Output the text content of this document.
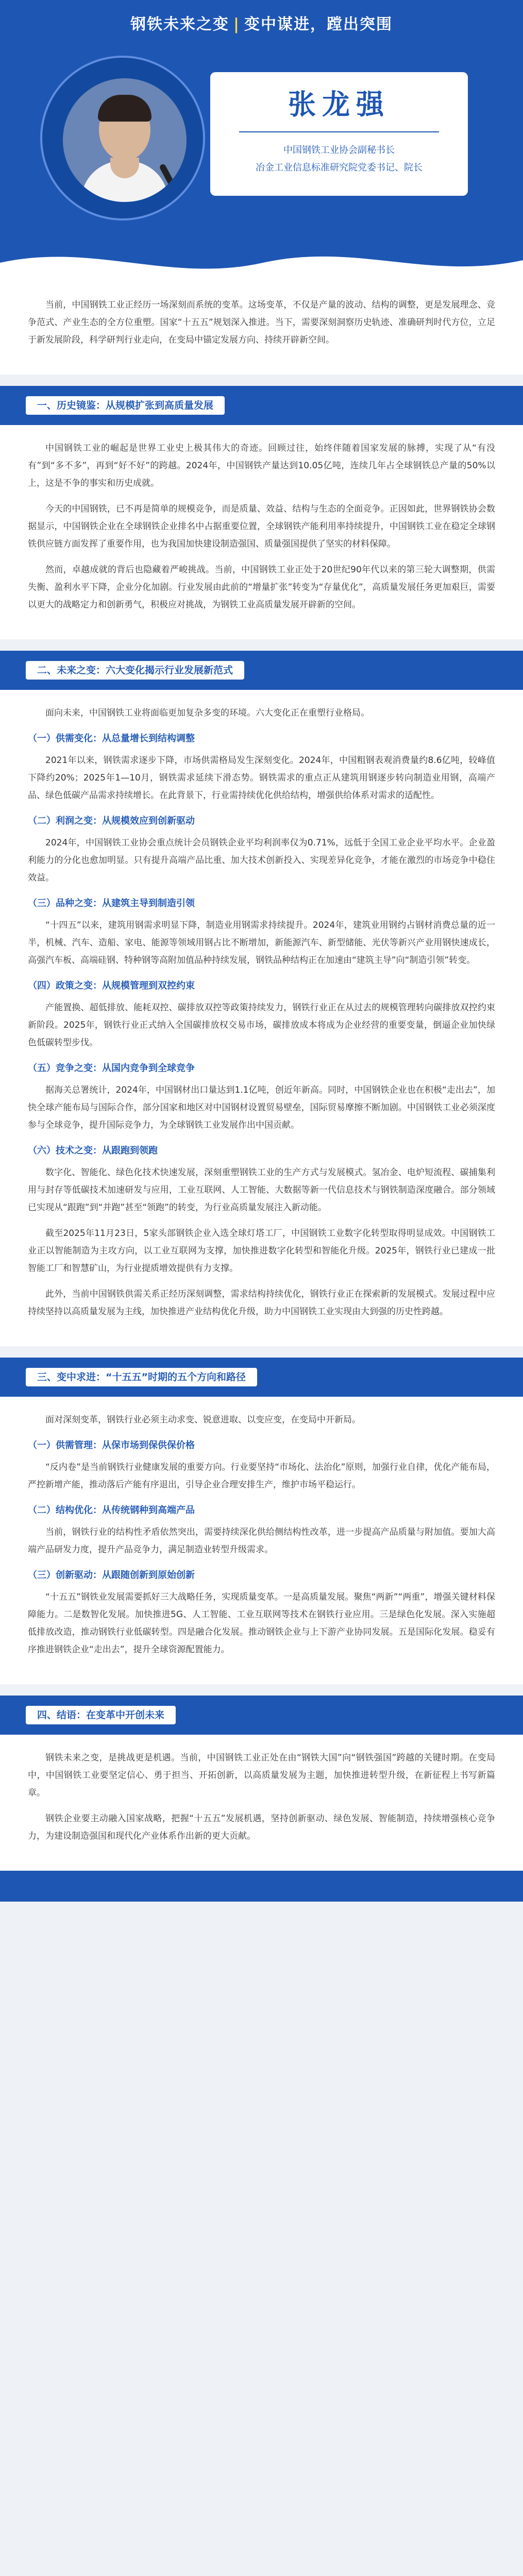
钢铁未来之变 | 变中谋进，蹚出突围
张龙强
中国钢铁工业协会副秘书长
冶金工业信息标准研究院党委书记、院长

当前，中国钢铁工业正经历一场深刻而系统的变革。这场变革，不仅是产量的波动、结构的调整，更是发展理念、竞争范式、产业生态的全方位重塑。国家“十五五”规划深入推进。当下，需要深刻洞察历史轨迹、准确研判时代方位，立足于新发展阶段，科学研判行业走向，在变局中锚定发展方向、持续开辟新空间。

一、历史镜鉴：从规模扩张到高质量发展

中国钢铁工业的崛起是世界工业史上极其伟大的奇迹。回顾过往，始终伴随着国家发展的脉搏，实现了从“有没有”到“多不多”，再到“好不好”的跨越。2024年，中国钢铁产量达到10.05亿吨，连续几年占全球钢铁总产量的50%以上，这是不争的事实和历史成就。

今天的中国钢铁，已不再是简单的规模竞争，而是质量、效益、结构与生态的全面竞争。正因如此，世界钢铁协会数据显示，中国钢铁企业在全球钢铁企业排名中占据重要位置，全球钢铁产能利用率持续提升，中国钢铁工业在稳定全球钢铁供应链方面发挥了重要作用，也为我国加快建设制造强国、质量强国提供了坚实的材料保障。

然而，卓越成就的背后也隐藏着严峻挑战。当前，中国钢铁工业正处于20世纪90年代以来的第三轮大调整期，供需失衡、盈利水平下降，企业分化加剧。行业发展由此前的“增量扩张”转变为“存量优化”，高质量发展任务更加艰巨，需要以更大的战略定力和创新勇气，积极应对挑战，为钢铁工业高质量发展开辟新的空间。

二、未来之变：六大变化揭示行业发展新范式

面向未来，中国钢铁工业将面临更加复杂多变的环境。六大变化正在重塑行业格局。

（一）供需变化：从总量增长到结构调整

2021年以来，钢铁需求逐步下降，市场供需格局发生深刻变化。2024年，中国粗钢表观消费量约8.6亿吨，较峰值下降约20%；2025年1—10月，钢铁需求延续下滑态势。钢铁需求的重点正从建筑用钢逐步转向制造业用钢，高端产品、绿色低碳产品需求持续增长。在此背景下，行业需持续优化供给结构，增强供给体系对需求的适配性。

（二）利润之变：从规模效应到创新驱动

2024年，中国钢铁工业协会重点统计会员钢铁企业平均利润率仅为0.71%，远低于全国工业企业平均水平。企业盈利能力的分化也愈加明显。只有提升高端产品比重、加大技术创新投入、实现差异化竞争，才能在激烈的市场竞争中稳住效益。

（三）品种之变：从建筑主导到制造引领

“十四五”以来，建筑用钢需求明显下降，制造业用钢需求持续提升。2024年，建筑业用钢约占钢材消费总量的近一半，机械、汽车、造船、家电、能源等领域用钢占比不断增加，新能源汽车、新型储能、光伏等新兴产业用钢快速成长，高强汽车板、高端硅钢、特种钢等高附加值品种持续发展，钢铁品种结构正在加速由“建筑主导”向“制造引领”转变。

（四）政策之变：从规模管理到双控约束

产能置换、超低排放、能耗双控、碳排放双控等政策持续发力，钢铁行业正在从过去的规模管理转向碳排放双控约束新阶段。2025年，钢铁行业正式纳入全国碳排放权交易市场，碳排放成本将成为企业经营的重要变量，倒逼企业加快绿色低碳转型步伐。

（五）竞争之变：从国内竞争到全球竞争

据海关总署统计，2024年，中国钢材出口量达到1.1亿吨，创近年新高。同时，中国钢铁企业也在积极“走出去”，加快全球产能布局与国际合作，部分国家和地区对中国钢材设置贸易壁垒，国际贸易摩擦不断加剧。中国钢铁工业必须深度参与全球竞争，提升国际竞争力，为全球钢铁工业发展作出中国贡献。

（六）技术之变：从跟跑到领跑

数字化、智能化、绿色化技术快速发展，深刻重塑钢铁工业的生产方式与发展模式。氢冶金、电炉短流程、碳捕集利用与封存等低碳技术加速研发与应用，工业互联网、人工智能、大数据等新一代信息技术与钢铁制造深度融合。部分领域已实现从“跟跑”到“并跑”甚至“领跑”的转变，为行业高质量发展注入新动能。

截至2025年11月23日，5家头部钢铁企业入选全球灯塔工厂，中国钢铁工业数字化转型取得明显成效。中国钢铁工业正以智能制造为主攻方向，以工业互联网为支撑，加快推进数字化转型和智能化升级。2025年，钢铁行业已建成一批智能工厂和智慧矿山，为行业提质增效提供有力支撑。

此外，当前中国钢铁供需关系正经历深刻调整，需求结构持续优化，钢铁行业正在探索新的发展模式。发展过程中应持续坚持以高质量发展为主线，加快推进产业结构优化升级，助力中国钢铁工业实现由大到强的历史性跨越。

三、变中求进：“十五五”时期的五个方向和路径

面对深刻变革，钢铁行业必须主动求变、锐意进取、以变应变，在变局中开新局。

（一）供需管理：从保市场到保供保价格

“反内卷”是当前钢铁行业健康发展的重要方向。行业要坚持“市场化、法治化”原则，加强行业自律，优化产能布局，严控新增产能，推动落后产能有序退出，引导企业合理安排生产，维护市场平稳运行。

（二）结构优化：从传统钢种到高端产品

当前，钢铁行业的结构性矛盾依然突出，需要持续深化供给侧结构性改革，进一步提高产品质量与附加值。要加大高端产品研发力度，提升产品竞争力，满足制造业转型升级需求。

（三）创新驱动：从跟随创新到原始创新

“十五五”钢铁业发展需要抓好三大战略任务，实现质量变革。一是高质量发展。聚焦“两新”“两重”，增强关键材料保障能力。二是数智化发展。加快推进5G、人工智能、工业互联网等技术在钢铁行业应用。三是绿色化发展。深入实施超低排放改造，推动钢铁行业低碳转型。四是融合化发展。推动钢铁企业与上下游产业协同发展。五是国际化发展。稳妥有序推进钢铁企业“走出去”，提升全球资源配置能力。

四、结语：在变革中开创未来

钢铁未来之变，是挑战更是机遇。当前，中国钢铁工业正处在由“钢铁大国”向“钢铁强国”跨越的关键时期。在变局中，中国钢铁工业要坚定信心、勇于担当、开拓创新，以高质量发展为主题，加快推进转型升级，在新征程上书写新篇章。

钢铁企业要主动融入国家战略，把握“十五五”发展机遇，坚持创新驱动、绿色发展、智能制造，持续增强核心竞争力，为建设制造强国和现代化产业体系作出新的更大贡献。
